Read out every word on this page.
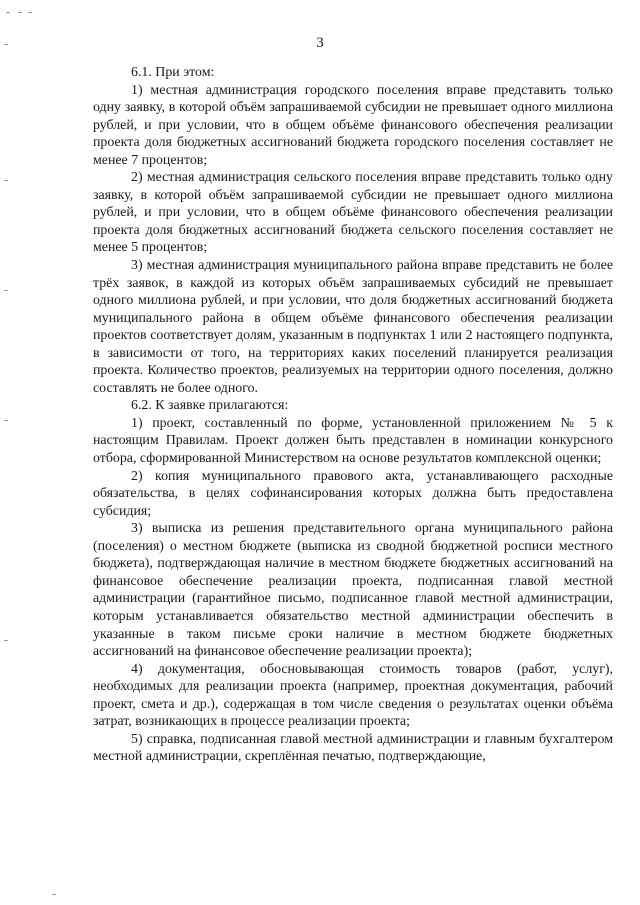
3

6.1. При этом:

1) местная администрация городского поселения вправе представить только одну заявку, в которой объём запрашиваемой субсидии не превышает одного миллиона рублей, и при условии, что в общем объёме финансового обеспечения реализации проекта доля бюджетных ассигнований бюджета городского поселения составляет не менее 7 процентов;

2) местная администрация сельского поселения вправе представить только одну заявку, в которой объём запрашиваемой субсидии не превышает одного миллиона рублей, и при условии, что в общем объёме финансового обеспечения реализации проекта доля бюджетных ассигнований бюджета сельского поселения составляет не менее 5 процентов;

3) местная администрация муниципального района вправе представить не более трёх заявок, в каждой из которых объём запрашиваемых субсидий не превышает одного миллиона рублей, и при условии, что доля бюджетных ассигнований бюджета муниципального района в общем объёме финансового обеспечения реализации проектов соответствует долям, указанным в подпунктах 1 или 2 настоящего подпункта, в зависимости от того, на территориях каких поселений планируется реализация проекта. Количество проектов, реализуемых на территории одного поселения, должно составлять не более одного.

6.2. К заявке прилагаются:

1) проект, составленный по форме, установленной приложением № 5 к настоящим Правилам. Проект должен быть представлен в номинации конкурсного отбора, сформированной Министерством на основе результатов комплексной оценки;

2) копия муниципального правового акта, устанавливающего расходные обязательства, в целях софинансирования которых должна быть предоставлена субсидия;

3) выписка из решения представительного органа муниципального района (поселения) о местном бюджете (выписка из сводной бюджетной росписи местного бюджета), подтверждающая наличие в местном бюджете бюджетных ассигнований на финансовое обеспечение реализации проекта, подписанная главой местной администрации (гарантийное письмо, подписанное главой местной администрации, которым устанавливается обязательство местной администрации обеспечить в указанные в таком письме сроки наличие в местном бюджете бюджетных ассигнований на финансовое обеспечение реализации проекта);

4) документация, обосновывающая стоимость товаров (работ, услуг), необходимых для реализации проекта (например, проектная документация, рабочий проект, смета и др.), содержащая в том числе сведения о результатах оценки объёма затрат, возникающих в процессе реализации проекта;

5) справка, подписанная главой местной администрации и главным бухгалтером местной администрации, скреплённая печатью, подтверждающие,
